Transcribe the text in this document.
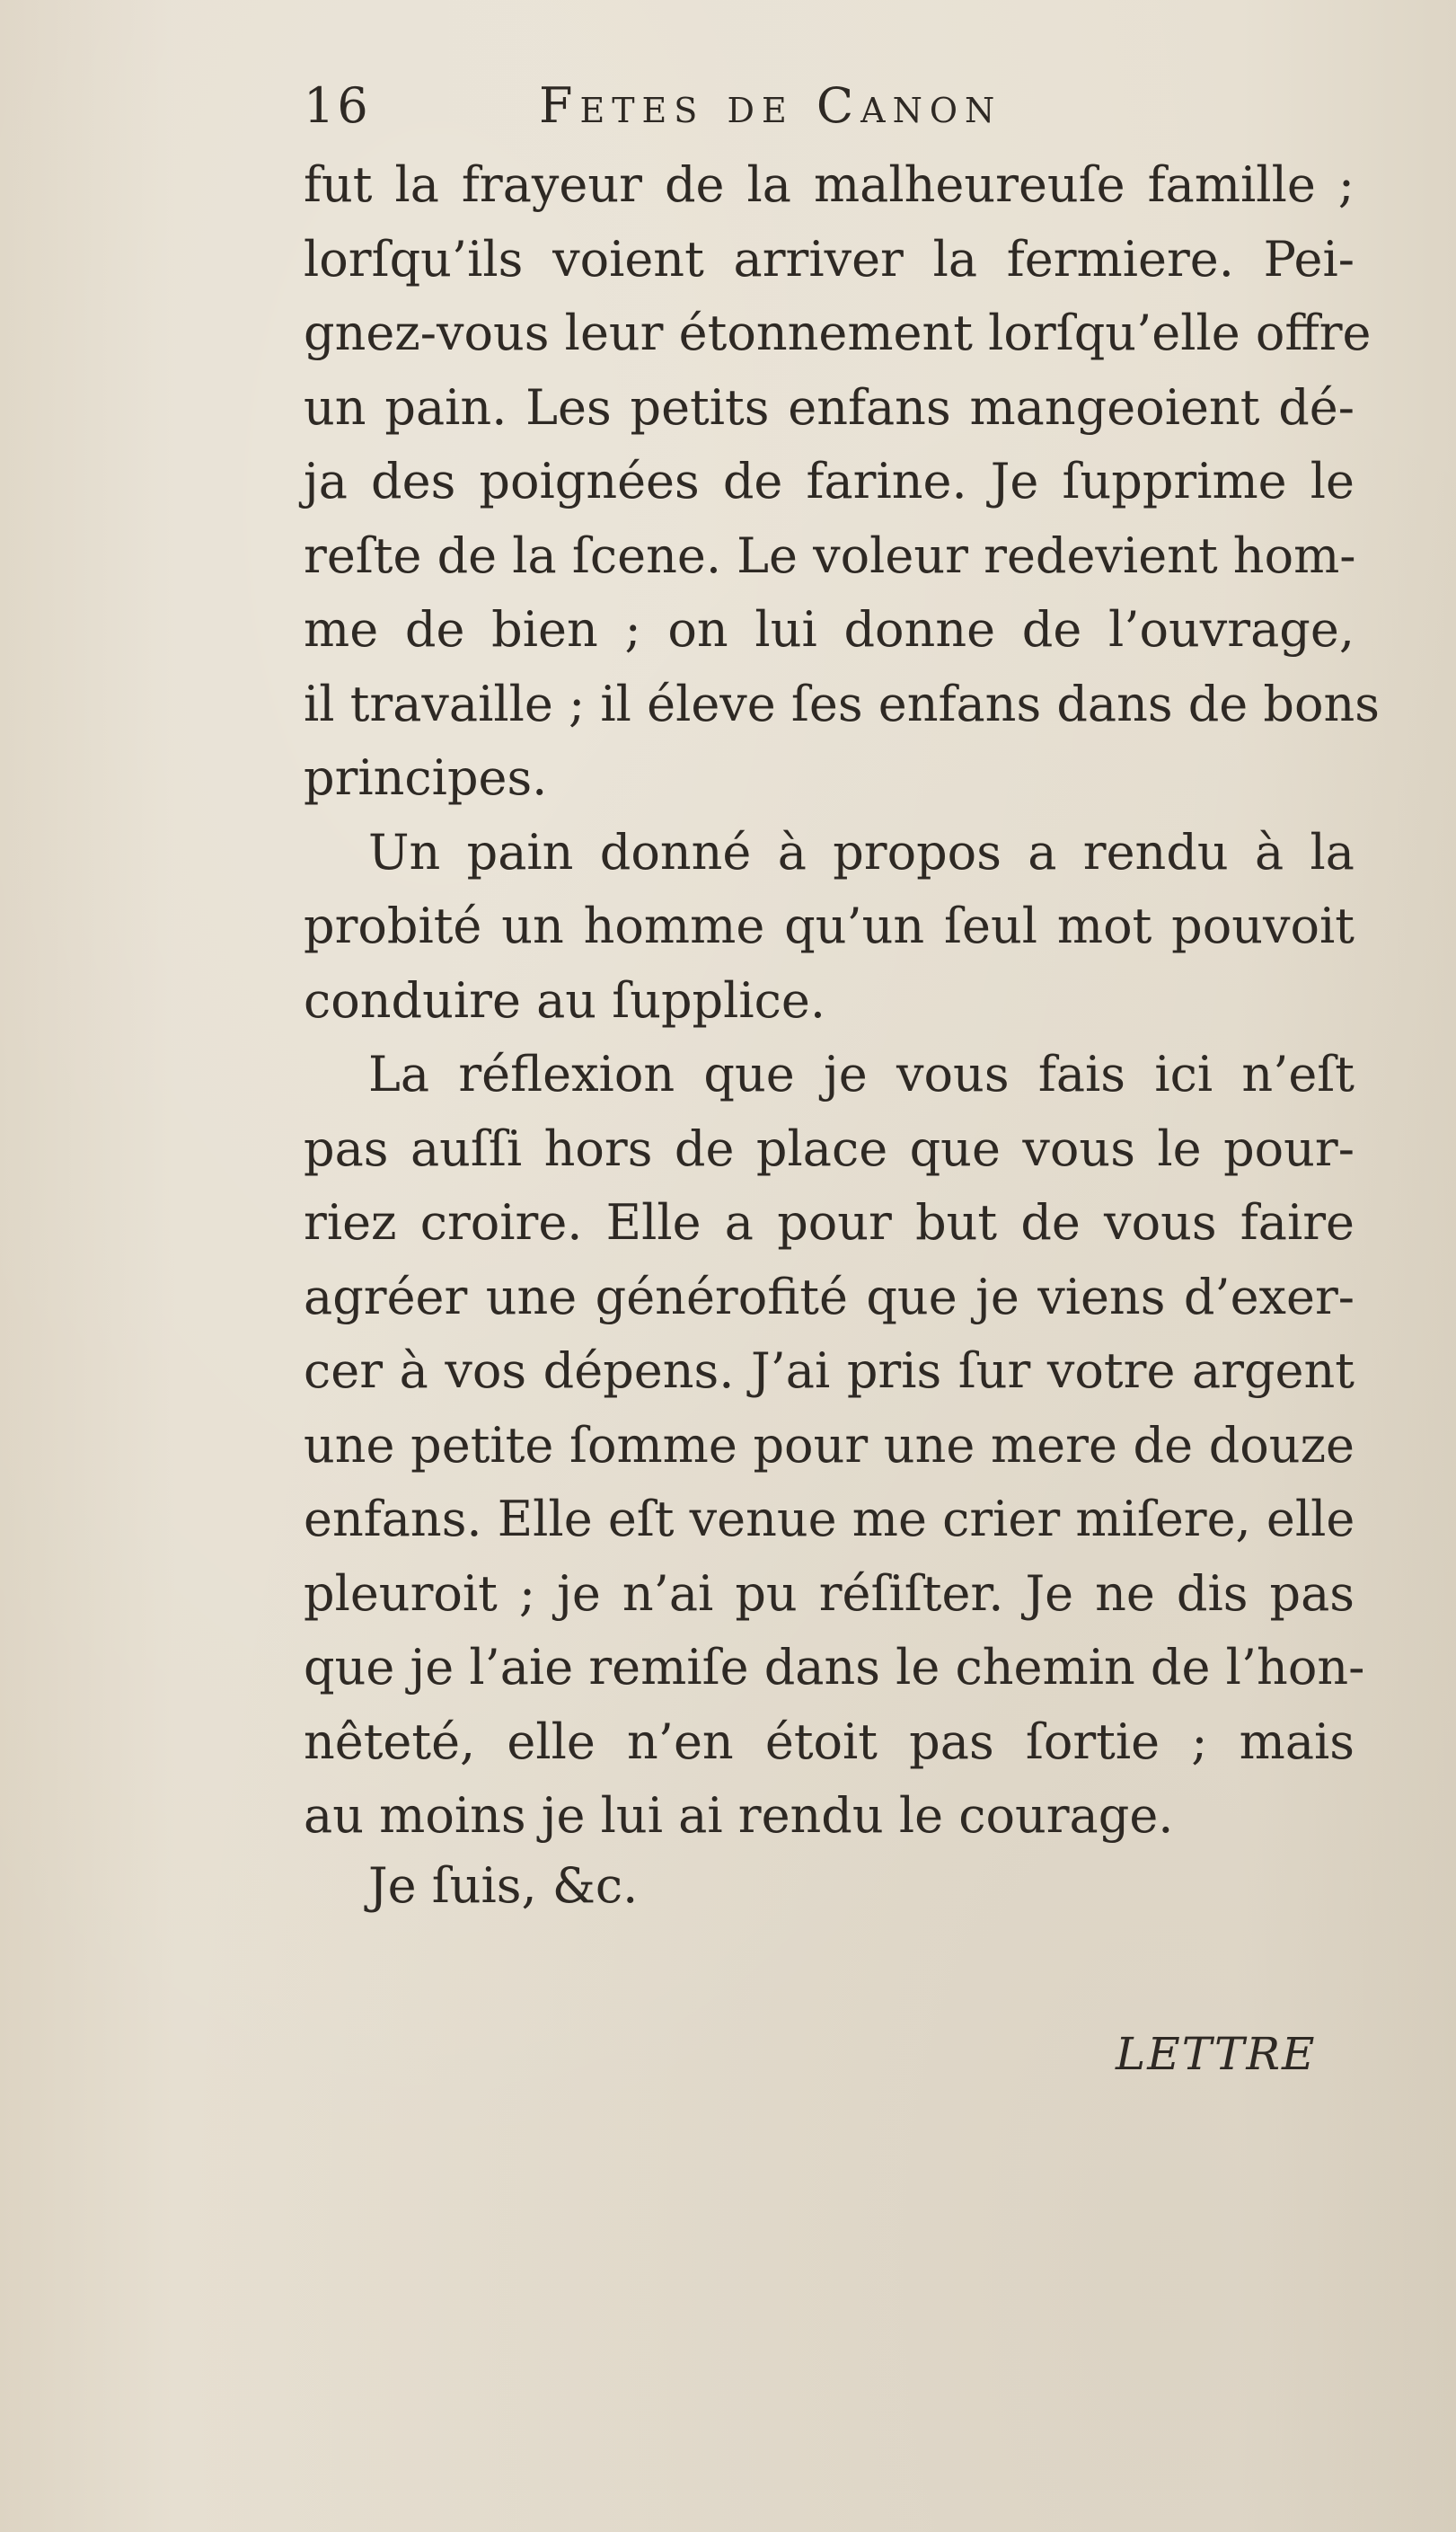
16	Fetes de Canon
fut la frayeur de la malheureuſe famille ;
lorſqu’ils voient arriver la fermiere. Pei-
gnez-vous leur étonnement lorſqu’elle offre
un pain. Les petits enfans mangeoient dé-
ja des poignées de farine. Je ſupprime le
reſte de la ſcene. Le voleur redevient hom-
me de bien ; on lui donne de l’ouvrage,
il travaille ; il éleve ſes enfans dans de bons
principes.
Un pain donné à propos a rendu à la
probité un homme qu’un ſeul mot pouvoit
conduire au ſupplice.
La réflexion que je vous fais ici n’eſt
pas auſſi hors de place que vous le pour-
riez croire. Elle a pour but de vous faire
agréer une générofité que je viens d’exer-
cer à vos dépens. J’ai pris ſur votre argent
une petite ſomme pour une mere de douze
enfans. Elle eſt venue me crier miſere, elle
pleuroit ; je n’ai pu réſiſter. Je ne dis pas
que je l’aie remiſe dans le chemin de l’hon-
nêteté, elle n’en étoit pas ſortie ; mais
au moins je lui ai rendu le courage.
Je ſuis, &c.
LETTRE
